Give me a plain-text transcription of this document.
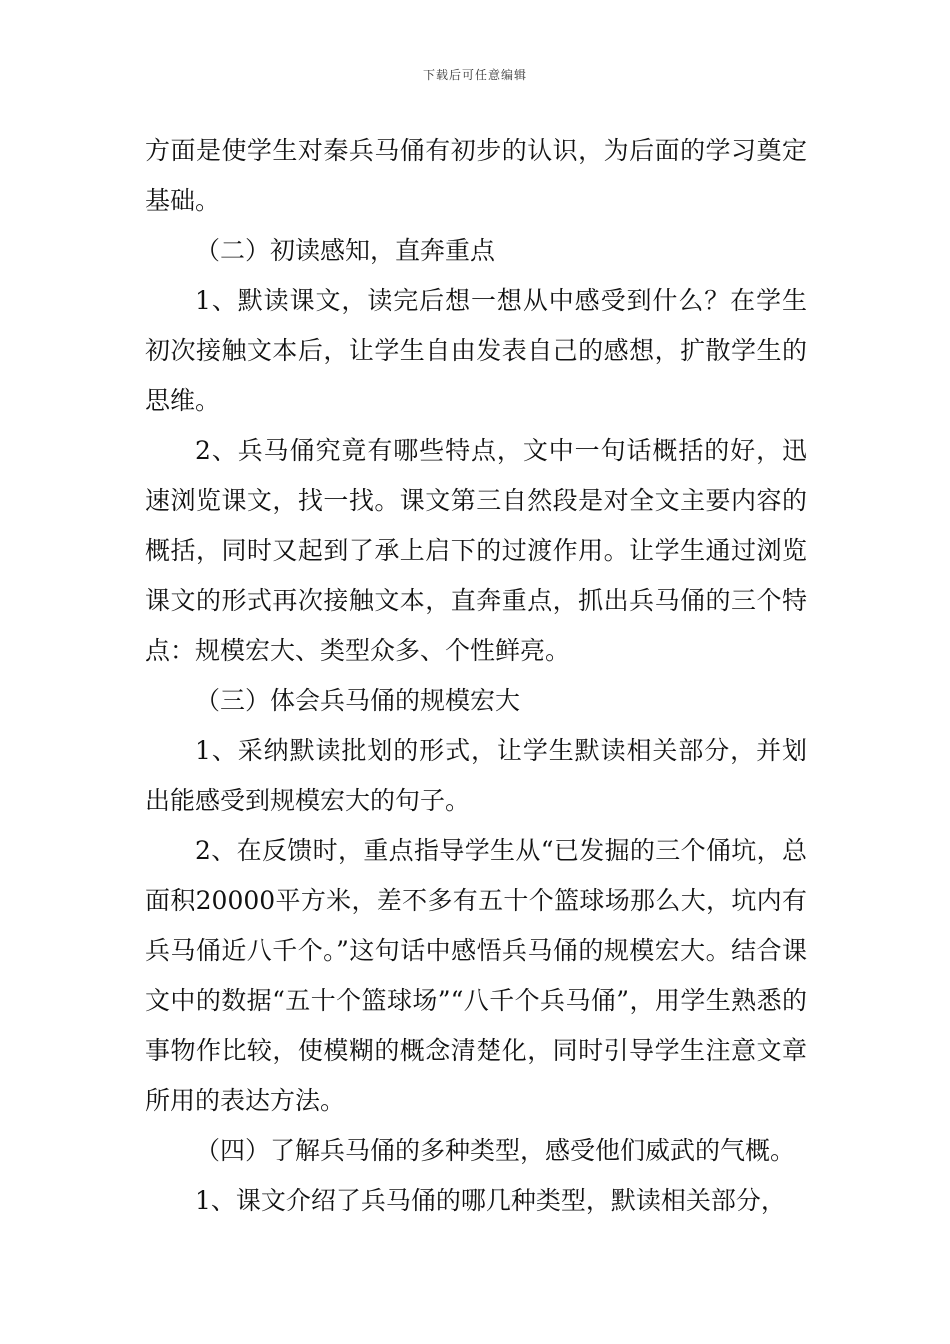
下载后可任意编辑

方面是使学生对秦兵马俑有初步的认识，为后面的学习奠定基础。

（二）初读感知，直奔重点

1、默读课文，读完后想一想从中感受到什么？在学生初次接触文本后，让学生自由发表自己的感想，扩散学生的思维。

2、兵马俑究竟有哪些特点，文中一句话概括的好，迅速浏览课文，找一找。课文第三自然段是对全文主要内容的概括，同时又起到了承上启下的过渡作用。让学生通过浏览课文的形式再次接触文本，直奔重点，抓出兵马俑的三个特点：规模宏大、类型众多、个性鲜亮。

（三）体会兵马俑的规模宏大

1、采纳默读批划的形式，让学生默读相关部分，并划出能感受到规模宏大的句子。

2、在反馈时，重点指导学生从“已发掘的三个俑坑，总面积20000平方米，差不多有五十个篮球场那么大，坑内有兵马俑近八千个。”这句话中感悟兵马俑的规模宏大。结合课文中的数据“五十个篮球场”“八千个兵马俑”，用学生熟悉的事物作比较，使模糊的概念清楚化，同时引导学生注意文章所用的表达方法。

（四）了解兵马俑的多种类型，感受他们威武的气概。

1、课文介绍了兵马俑的哪几种类型，默读相关部分，
